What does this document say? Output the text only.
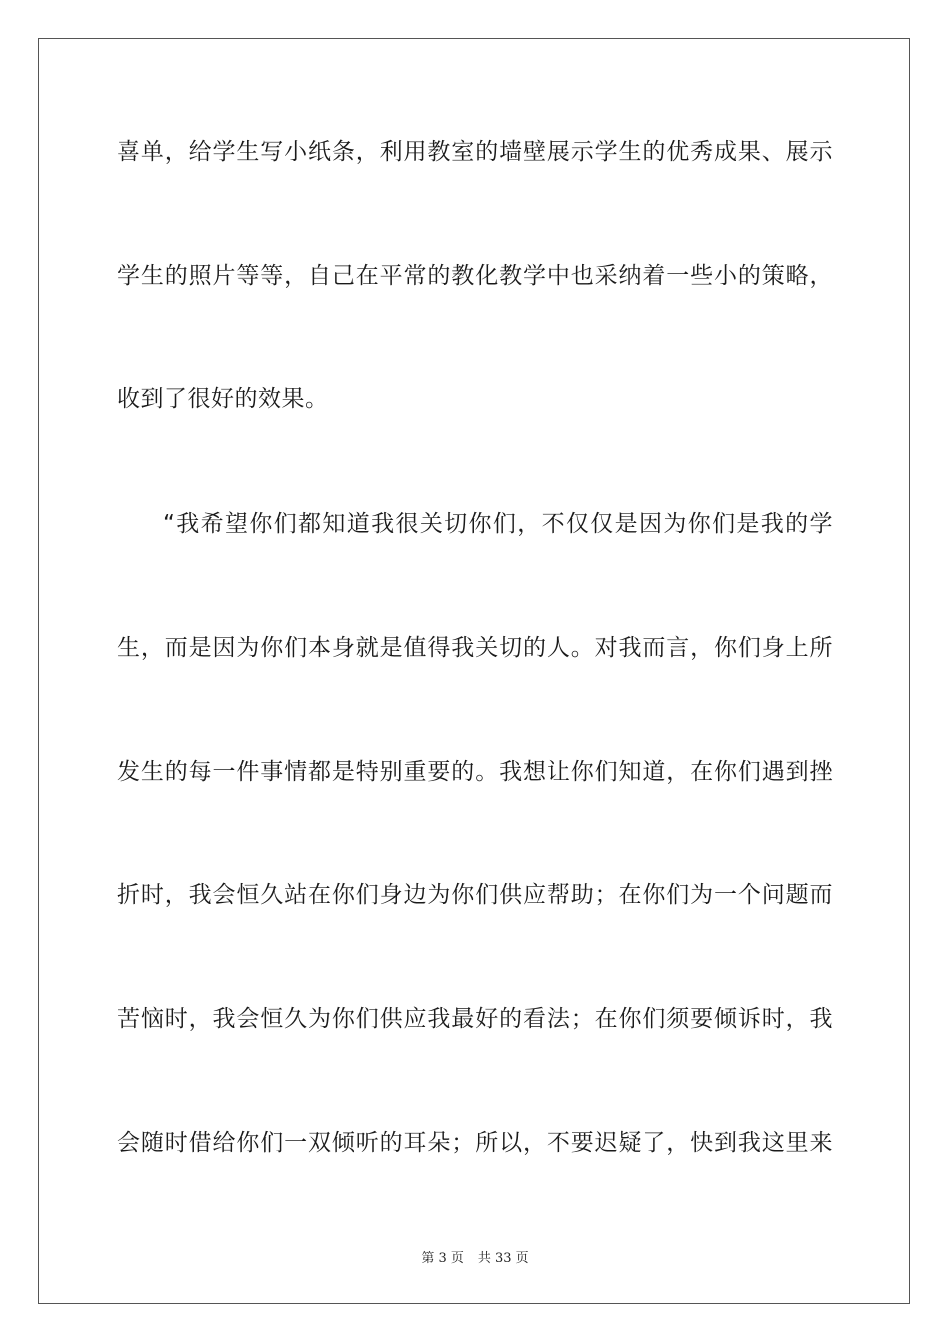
喜单，给学生写小纸条，利用教室的墙壁展示学生的优秀成果、展示
学生的照片等等，自己在平常的教化教学中也采纳着一些小的策略，
收到了很好的效果。
“我希望你们都知道我很关切你们，不仅仅是因为你们是我的学
生，而是因为你们本身就是值得我关切的人。对我而言，你们身上所
发生的每一件事情都是特别重要的。我想让你们知道，在你们遇到挫
折时，我会恒久站在你们身边为你们供应帮助；在你们为一个问题而
苦恼时，我会恒久为你们供应我最好的看法；在你们须要倾诉时，我
会随时借给你们一双倾听的耳朵；所以，不要迟疑了，快到我这里来
第 3 页 共 33 页
